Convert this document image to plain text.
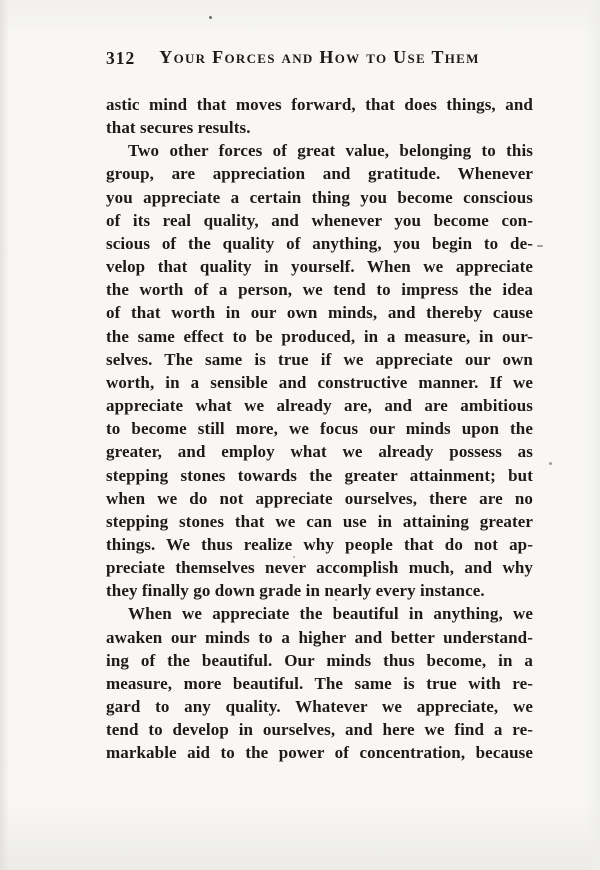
312	Your Forces and How to Use Them
astic mind that moves forward, that does things, and
that secures results.
Two other forces of great value, belonging to this
group, are appreciation and gratitude. Whenever
you appreciate a certain thing you become conscious
of its real quality, and whenever you become con-
scious of the quality of anything, you begin to de-
velop that quality in yourself. When we appreciate
the worth of a person, we tend to impress the idea
of that worth in our own minds, and thereby cause
the same effect to be produced, in a measure, in our-
selves. The same is true if we appreciate our own
worth, in a sensible and constructive manner. If we
appreciate what we already are, and are ambitious
to become still more, we focus our minds upon the
greater, and employ what we already possess as
stepping stones towards the greater attainment; but
when we do not appreciate ourselves, there are no
stepping stones that we can use in attaining greater
things. We thus realize why people that do not ap-
preciate themselves never accomplish much, and why
they finally go down grade in nearly every instance.
When we appreciate the beautiful in anything, we
awaken our minds to a higher and better understand-
ing of the beautiful. Our minds thus become, in a
measure, more beautiful. The same is true with re-
gard to any quality. Whatever we appreciate, we
tend to develop in ourselves, and here we find a re-
markable aid to the power of concentration, because
